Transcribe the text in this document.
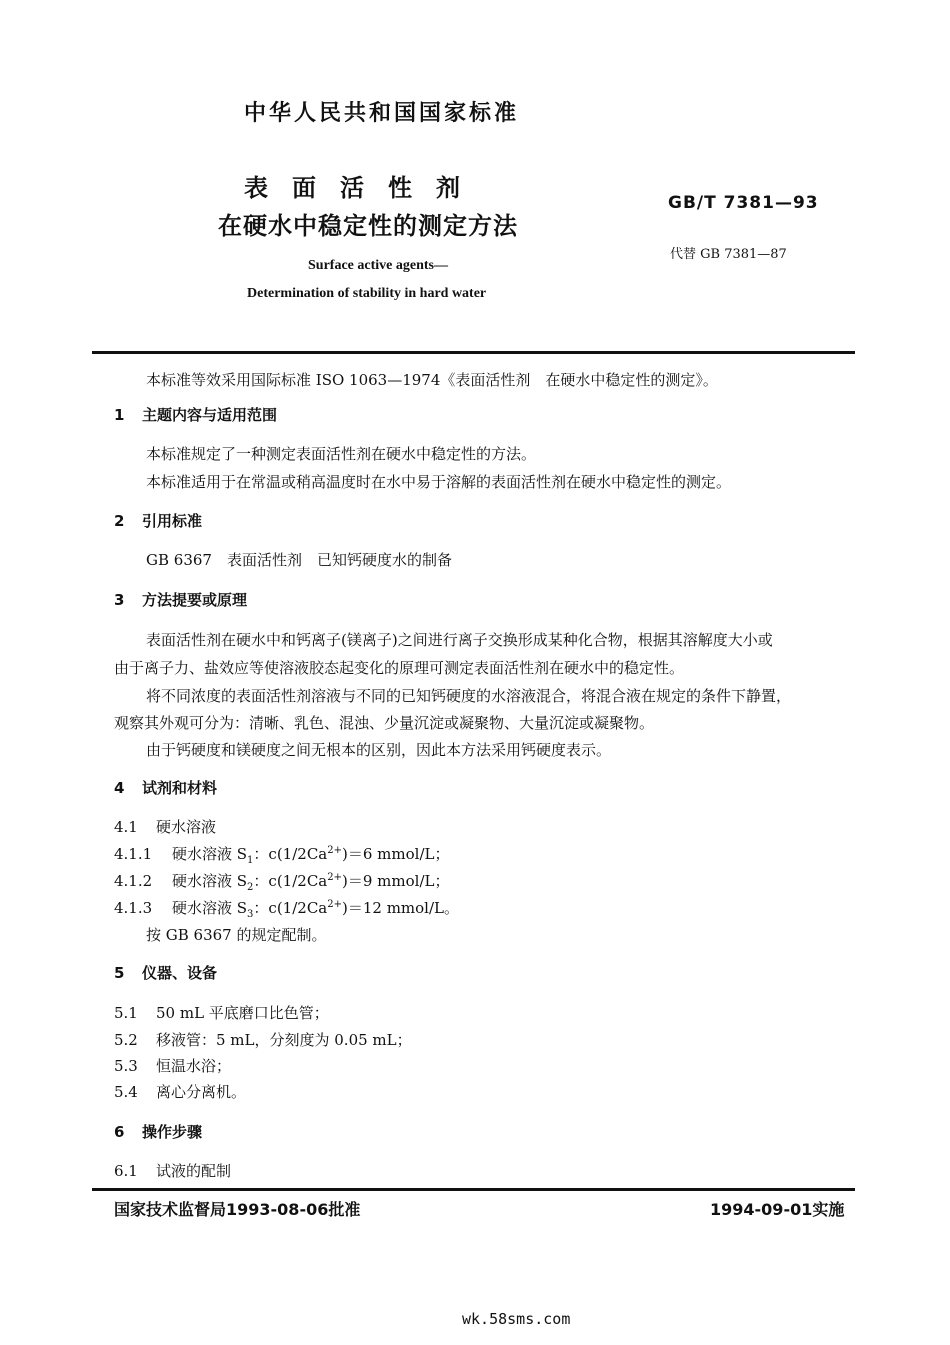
中华人民共和国国家标准
表　面　活　性　剂
在硬水中稳定性的测定方法
GB/T 7381—93
代替 GB 7381—87
Surface active agents—
Determination of stability in hard water
本标准等效采用国际标准 ISO 1063—1974《表面活性剂　在硬水中稳定性的测定》。
1 主题内容与适用范围
本标准规定了一种测定表面活性剂在硬水中稳定性的方法。
本标准适用于在常温或稍高温度时在水中易于溶解的表面活性剂在硬水中稳定性的测定。
2 引用标准
GB 6367　表面活性剂　已知钙硬度水的制备
3 方法提要或原理
表面活性剂在硬水中和钙离子(镁离子)之间进行离子交换形成某种化合物，根据其溶解度大小或
由于离子力、盐效应等使溶液胶态起变化的原理可测定表面活性剂在硬水中的稳定性。
将不同浓度的表面活性剂溶液与不同的已知钙硬度的水溶液混合，将混合液在规定的条件下静置，
观察其外观可分为：清晰、乳色、混浊、少量沉淀或凝聚物、大量沉淀或凝聚物。
由于钙硬度和镁硬度之间无根本的区别，因此本方法采用钙硬度表示。
4 试剂和材料
4.1 硬水溶液
4.1.1 硬水溶液 $S_1$：$c(1/2Ca^{2+})=6$ mmol/L；
4.1.2 硬水溶液 $S_2$：$c(1/2Ca^{2+})=9$ mmol/L；
4.1.3 硬水溶液 $S_3$：$c(1/2Ca^{2+})=12$ mmol/L。
按 GB 6367 的规定配制。
5 仪器、设备
5.1 50 mL 平底磨口比色管；
5.2 移液管：5 mL，分刻度为 0.05 mL；
5.3 恒温水浴；
5.4 离心分离机。
6 操作步骤
6.1 试液的配制
国家技术监督局1993-08-06批准	1994-09-01实施
wk.58sms.com
